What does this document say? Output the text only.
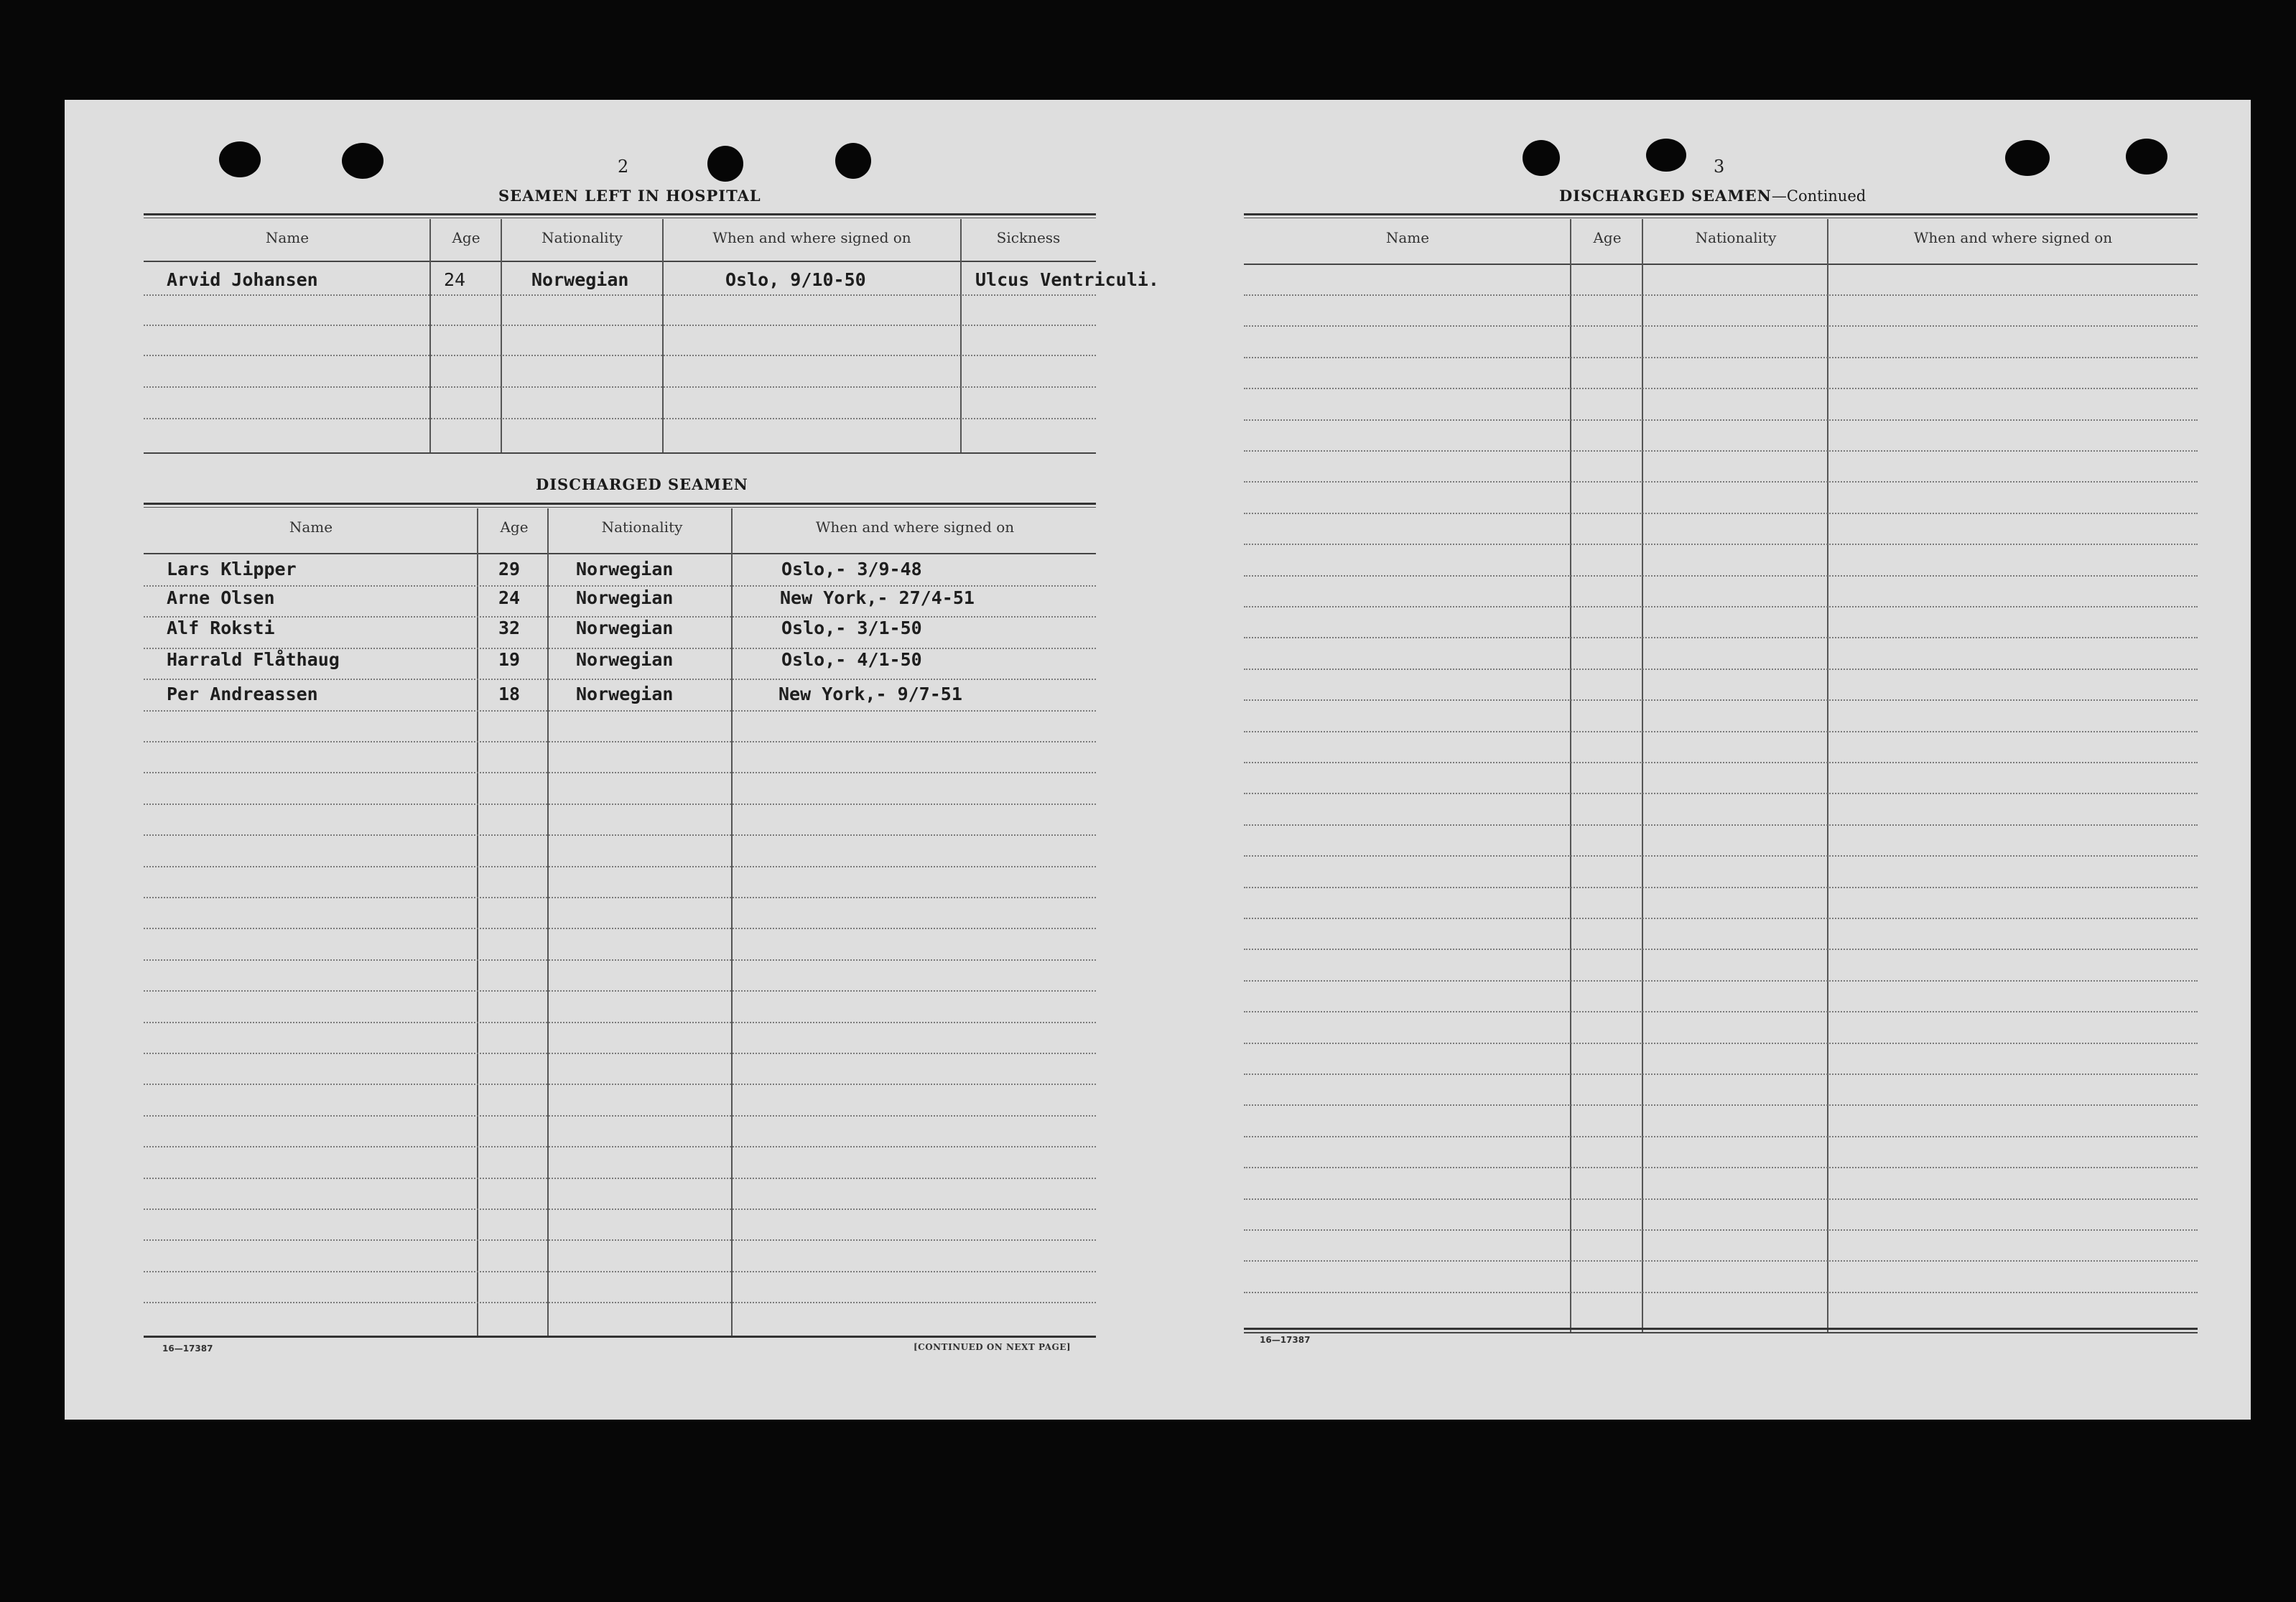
2
SEAMEN LEFT IN HOSPITAL
Name	Age	Nationality	When and where signed on	Sickness
Arvid Johansen	24	Norwegian	Oslo, 9/10-50	Ulcus Ventriculi.
DISCHARGED SEAMEN
Name	Age	Nationality	When and where signed on
Lars Klipper	29	Norwegian	Oslo,- 3/9-48
Arne Olsen	24	Norwegian	New York,- 27/4-51
Alf Roksti	32	Norwegian	Oslo,- 3/1-50
Harrald Flåthaug	19	Norwegian	Oslo,- 4/1-50
Per Andreassen	18	Norwegian	New York,- 9/7-51
16—17387	[CONTINUED ON NEXT PAGE]
3
DISCHARGED SEAMEN—Continued
Name	Age	Nationality	When and where signed on
16—17387
